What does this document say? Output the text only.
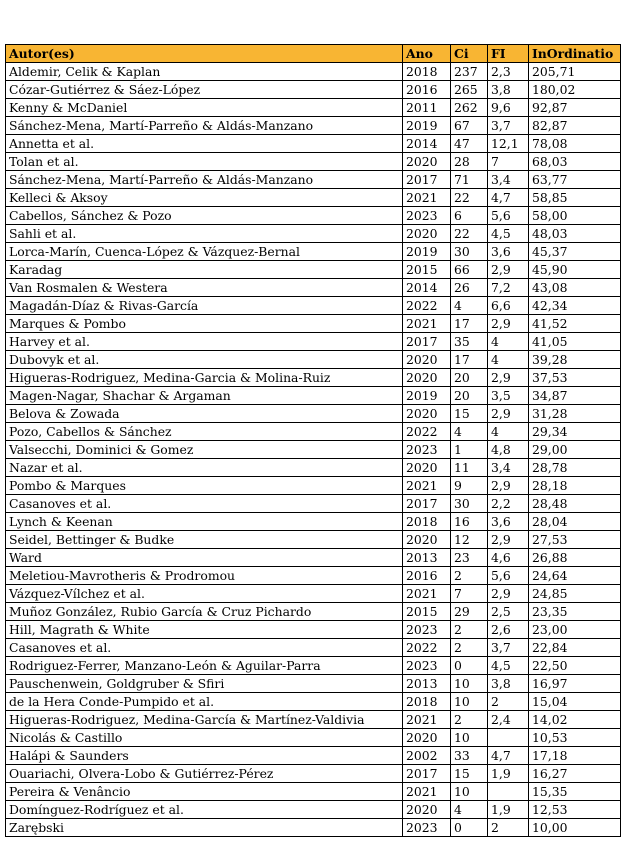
Autor(es)	Ano	Ci	FI	InOrdinatio
Aldemir, Celik & Kaplan	2018	237	2,3	205,71
Cózar-Gutiérrez & Sáez-López	2016	265	3,8	180,02
Kenny & McDaniel	2011	262	9,6	92,87
Sánchez-Mena, Martí-Parreño & Aldás-Manzano	2019	67	3,7	82,87
Annetta et al.	2014	47	12,1	78,08
Tolan et al.	2020	28	7	68,03
Sánchez-Mena, Martí-Parreño & Aldás-Manzano	2017	71	3,4	63,77
Kelleci & Aksoy	2021	22	4,7	58,85
Cabellos, Sánchez & Pozo	2023	6	5,6	58,00
Sahli et al.	2020	22	4,5	48,03
Lorca-Marín, Cuenca-López & Vázquez-Bernal	2019	30	3,6	45,37
Karadag	2015	66	2,9	45,90
Van Rosmalen & Westera	2014	26	7,2	43,08
Magadán-Díaz & Rivas-García	2022	4	6,6	42,34
Marques & Pombo	2021	17	2,9	41,52
Harvey et al.	2017	35	4	41,05
Dubovyk et al.	2020	17	4	39,28
Higueras-Rodriguez, Medina-Garcia & Molina-Ruiz	2020	20	2,9	37,53
Magen-Nagar, Shachar & Argaman	2019	20	3,5	34,87
Belova & Zowada	2020	15	2,9	31,28
Pozo, Cabellos & Sánchez	2022	4	4	29,34
Valsecchi, Dominici & Gomez	2023	1	4,8	29,00
Nazar et al.	2020	11	3,4	28,78
Pombo & Marques	2021	9	2,9	28,18
Casanoves et al.	2017	30	2,2	28,48
Lynch & Keenan	2018	16	3,6	28,04
Seidel, Bettinger & Budke	2020	12	2,9	27,53
Ward	2013	23	4,6	26,88
Meletiou-Mavrotheris & Prodromou	2016	2	5,6	24,64
Vázquez-Vílchez et al.	2021	7	2,9	24,85
Muñoz González, Rubio García & Cruz Pichardo	2015	29	2,5	23,35
Hill, Magrath & White	2023	2	2,6	23,00
Casanoves et al.	2022	2	3,7	22,84
Rodriguez-Ferrer, Manzano-León & Aguilar-Parra	2023	0	4,5	22,50
Pauschenwein, Goldgruber & Sfiri	2013	10	3,8	16,97
de la Hera Conde-Pumpido et al.	2018	10	2	15,04
Higueras-Rodriguez, Medina-García & Martínez-Valdivia	2021	2	2,4	14,02
Nicolás & Castillo	2020	10		10,53
Halápi & Saunders	2002	33	4,7	17,18
Ouariachi, Olvera-Lobo & Gutiérrez-Pérez	2017	15	1,9	16,27
Pereira & Venâncio	2021	10		15,35
Domínguez-Rodríguez et al.	2020	4	1,9	12,53
Zarębski	2023	0	2	10,00
